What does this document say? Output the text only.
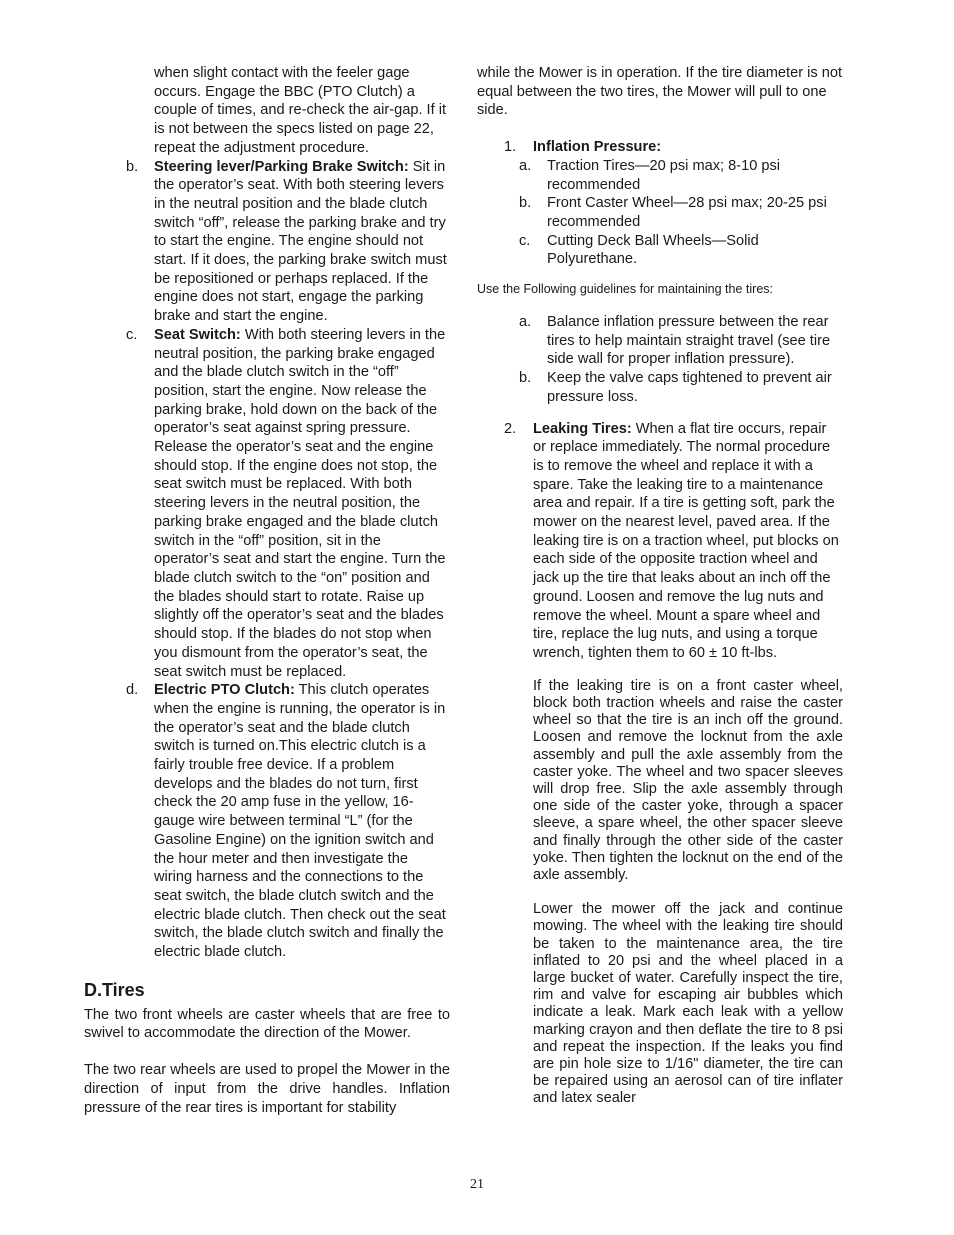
when slight contact with the feeler gage occurs. Engage the BBC (PTO Clutch) a couple of times, and re-check the air-gap. If it is not between the specs listed on page 22, repeat the adjustment procedure.

b. Steering lever/Parking Brake Switch: Sit in the operator’s seat. With both steering levers in the neutral position and the blade clutch switch “off”, release the parking brake and try to start the engine. The engine should not start. If it does, the parking brake switch must be repositioned or perhaps replaced. If the engine does not start, engage the parking brake and start the engine.

c. Seat Switch: With both steering levers in the neutral position, the parking brake engaged and the blade clutch switch in the “off” position, start the engine. Now release the parking brake, hold down on the back of the operator’s seat against spring pressure. Release the operator’s seat and the engine should stop. If the engine does not stop, the seat switch must be replaced. With both steering levers in the neutral position, the parking brake engaged and the blade clutch switch in the “off” position, sit in the operator’s seat and start the engine. Turn the blade clutch switch to the “on” position and the blades should start to rotate. Raise up slightly off the operator’s seat and the blades should stop. If the blades do not stop when you dismount from the operator’s seat, the seat switch must be replaced.

d. Electric PTO Clutch: This clutch operates when the engine is running, the operator is in the operator’s seat and the blade clutch switch is turned on.This electric clutch is a fairly trouble free device. If a problem develops and the blades do not turn, first check the 20 amp fuse in the yellow, 16-gauge wire between terminal “L” (for the Gasoline Engine) on the ignition switch and the hour meter and then investigate the wiring harness and the connections to the seat switch, the blade clutch switch and the electric blade clutch. Then check out the seat switch, the blade clutch switch and finally the electric blade clutch.

D.Tires

The two front wheels are caster wheels that are free to swivel to accommodate the direction of the Mower.

The two rear wheels are used to propel the Mower in the direction of input from the drive handles. Inflation pressure of the rear tires is important for stability

while the Mower is in operation. If the tire diameter is not equal between the two tires, the Mower will pull to one side.

1. Inflation Pressure:

a. Traction Tires—20 psi max; 8-10 psi recommended

b. Front Caster Wheel—28 psi max; 20-25 psi recommended

c. Cutting Deck Ball Wheels—Solid Polyurethane.

Use the Following guidelines for maintaining the tires:

a. Balance inflation pressure between the rear tires to help maintain straight travel (see tire side wall for proper inflation pressure).

b. Keep the valve caps tightened to prevent air pressure loss.

2. Leaking Tires: When a flat tire occurs, repair or replace immediately. The normal procedure is to remove the wheel and replace it with a spare. Take the leaking tire to a maintenance area and repair. If a tire is getting soft, park the mower on the nearest level, paved area. If the leaking tire is on a traction wheel, put blocks on each side of the opposite traction wheel and jack up the tire that leaks about an inch off the ground. Loosen and remove the lug nuts and remove the wheel. Mount a spare wheel and tire, replace the lug nuts, and using a torque wrench, tighten them to 60 ± 10 ft-lbs.

If the leaking tire is on a front caster wheel, block both traction wheels and raise the caster wheel so that the tire is an inch off the ground. Loosen and remove the locknut from the axle assembly and pull the axle assembly from the caster yoke. The wheel and two spacer sleeves will drop free. Slip the axle assembly through one side of the caster yoke, through a spacer sleeve, a spare wheel, the other spacer sleeve and finally through the other side of the caster yoke. Then tighten the locknut on the end of the axle assembly.

Lower the mower off the jack and continue mowing. The wheel with the leaking tire should be taken to the maintenance area, the tire inflated to 20 psi and the wheel placed in a large bucket of water. Carefully inspect the tire, rim and valve for escaping air bubbles which indicate a leak. Mark each leak with a yellow marking crayon and then deflate the tire to 8 psi and repeat the inspection. If the leaks you find are pin hole size to 1/16" diameter, the tire can be repaired using an aerosol can of tire inflater and latex sealer

21
